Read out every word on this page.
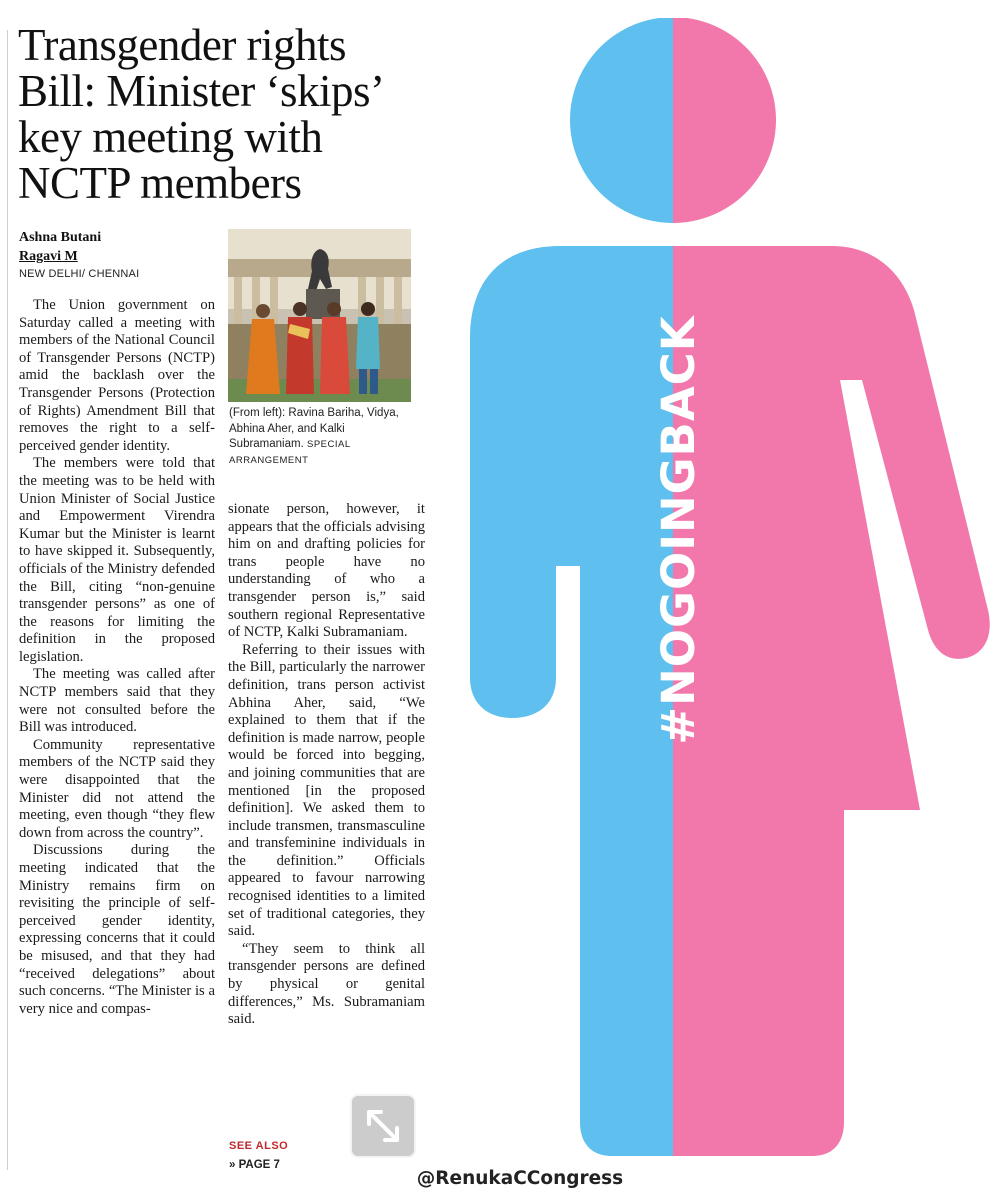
Transgender rights Bill: Minister ‘skips’ key meeting with NCTP members
Ashna Butani
Ragavi M
NEW DELHI/ CHENNAI

The Union government on Saturday called a meeting with members of the National Council of Transgender Persons (NCTP) amid the backlash over the Transgender Persons (Protection of Rights) Amendment Bill that removes the right to a self-perceived gender identity.

The members were told that the meeting was to be held with Union Minister of Social Justice and Empowerment Virendra Kumar but the Minister is learnt to have skipped it. Subsequently, officials of the Ministry defended the Bill, citing “non-genuine transgender persons” as one of the reasons for limiting the definition in the proposed legislation.

The meeting was called after NCTP members said that they were not consulted before the Bill was introduced.

Community representative members of the NCTP said they were disappointed that the Minister did not attend the meeting, even though “they flew down from across the country”.

Discussions during the meeting indicated that the Ministry remains firm on revisiting the principle of self-perceived gender identity, expressing concerns that it could be misused, and that they had “received delegations” about such concerns. “The Minister is a very nice and compas-

(From left): Ravina Bariha, Vidya, Abhina Aher, and Kalki Subramaniam. SPECIAL ARRANGEMENT

sionate person, however, it appears that the officials advising him on and drafting policies for trans people have no understanding of who a transgender person is,” said southern regional Representative of NCTP, Kalki Subramaniam.

Referring to their issues with the Bill, particularly the narrower definition, trans person activist Abhina Aher, said, “We explained to them that if the definition is made narrow, people would be forced into begging, and joining communities that are mentioned [in the proposed definition]. We asked them to include transmen, transmasculine and transfeminine individuals in the definition.” Officials appeared to favour narrowing recognised identities to a limited set of traditional categories, they said.

“They seem to think all transgender persons are defined by physical or genital differences,” Ms. Subramaniam said.

SEE ALSO
» PAGE 7
#NOGOINGBACK
@RenukaCCongress
